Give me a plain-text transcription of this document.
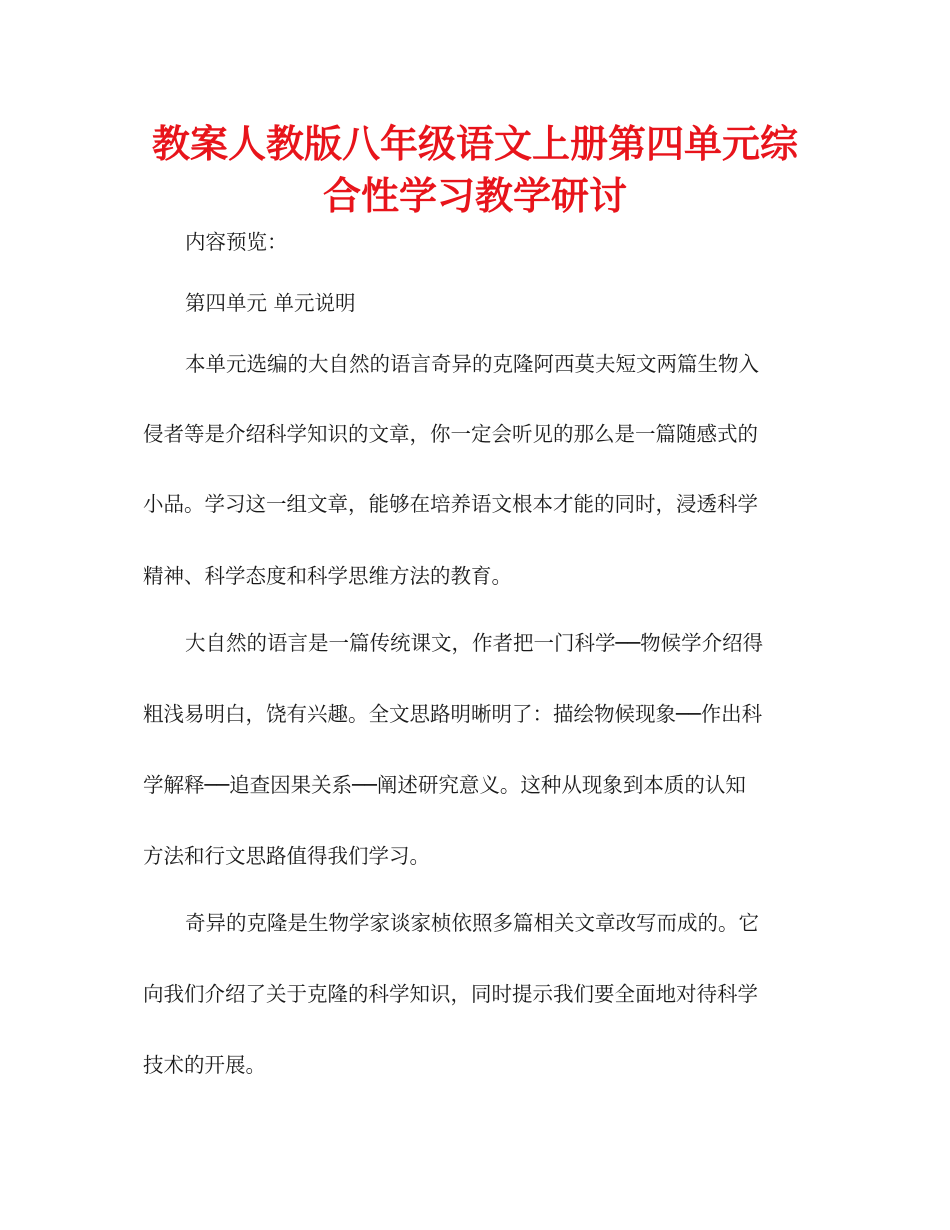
教案人教版八年级语文上册第四单元综合性学习教学研讨

内容预览：

第四单元 单元说明

本单元选编的大自然的语言奇异的克隆阿西莫夫短文两篇生物入

侵者等是介绍科学知识的文章，你一定会听见的那么是一篇随感式的

小品。学习这一组文章，能够在培养语文根本才能的同时，浸透科学

精神、科学态度和科学思维方法的教育。

大自然的语言是一篇传统课文，作者把一门科学──物候学介绍得

粗浅易明白，饶有兴趣。全文思路明晰明了：描绘物候现象──作出科

学解释──追查因果关系──阐述研究意义。这种从现象到本质的认知

方法和行文思路值得我们学习。

奇异的克隆是生物学家谈家桢依照多篇相关文章改写而成的。它

向我们介绍了关于克隆的科学知识，同时提示我们要全面地对待科学

技术的开展。
